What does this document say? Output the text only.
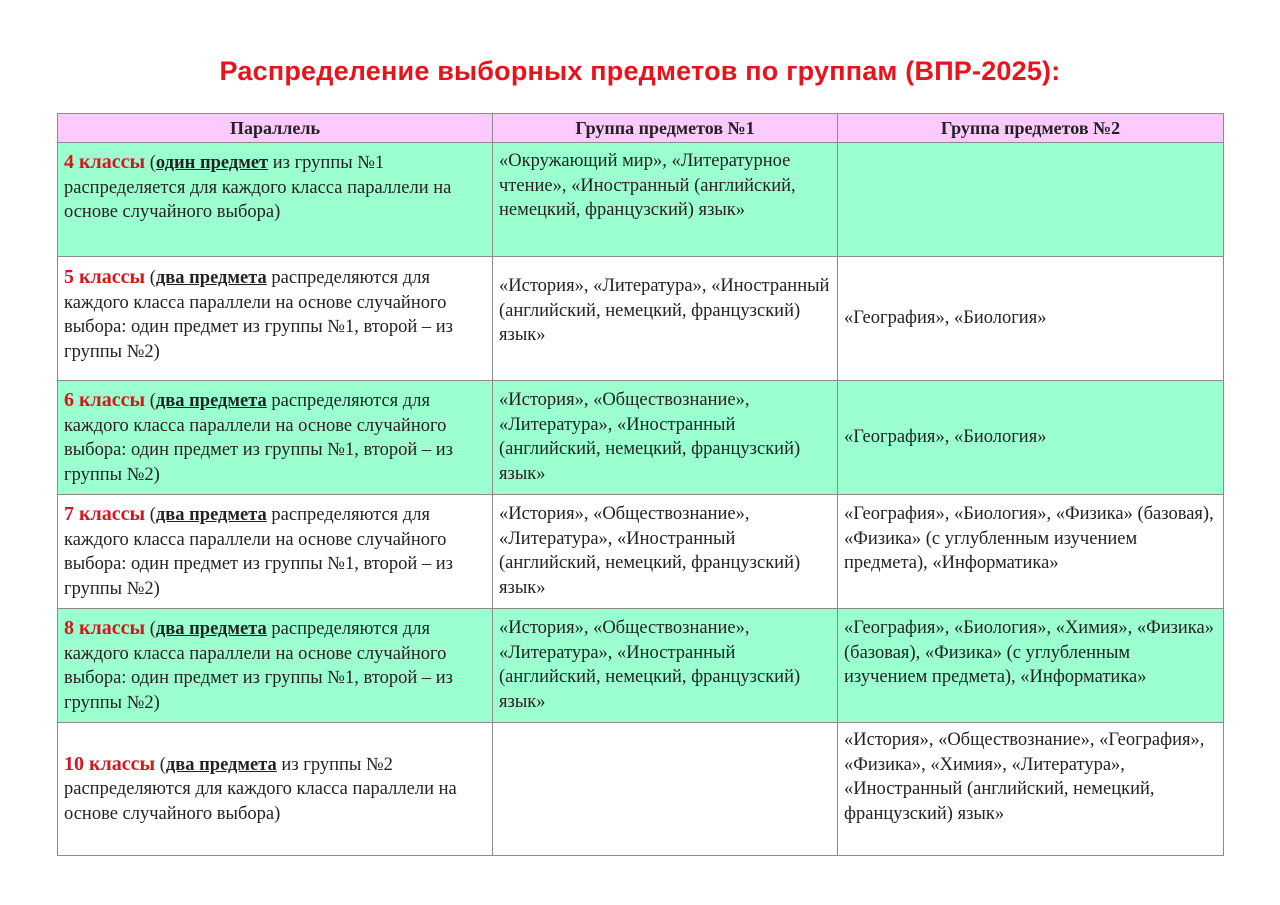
Распределение выборных предметов по группам (ВПР-2025):
Параллель	Группа предметов №1	Группа предметов №2
4 классы (один предмет из группы №1 распределяется для каждого класса параллели на основе случайного выбора)	«Окружающий мир», «Литературное чтение», «Иностранный (английский, немецкий, французский) язык»	
5 классы (два предмета распределяются для каждого класса параллели на основе случайного выбора: один предмет из группы №1, второй – из группы №2)	«История», «Литература», «Иностранный (английский, немецкий, французский) язык»	«География», «Биология»
6 классы (два предмета распределяются для каждого класса параллели на основе случайного выбора: один предмет из группы №1, второй – из группы №2)	«История», «Обществознание», «Литература», «Иностранный (английский, немецкий, французский) язык»	«География», «Биология»
7 классы (два предмета распределяются для каждого класса параллели на основе случайного выбора: один предмет из группы №1, второй – из группы №2)	«История», «Обществознание», «Литература», «Иностранный (английский, немецкий, французский) язык»	«География», «Биология», «Физика» (базовая), «Физика» (с углубленным изучением предмета), «Информатика»
8 классы (два предмета распределяются для каждого класса параллели на основе случайного выбора: один предмет из группы №1, второй – из группы №2)	«История», «Обществознание», «Литература», «Иностранный (английский, немецкий, французский) язык»	«География», «Биология», «Химия», «Физика» (базовая), «Физика» (с углубленным изучением предмета), «Информатика»
10 классы (два предмета из группы №2 распределяются для каждого класса параллели на основе случайного выбора)		«История», «Обществознание», «География», «Физика», «Химия», «Литература», «Иностранный (английский, немецкий, французский) язык»
